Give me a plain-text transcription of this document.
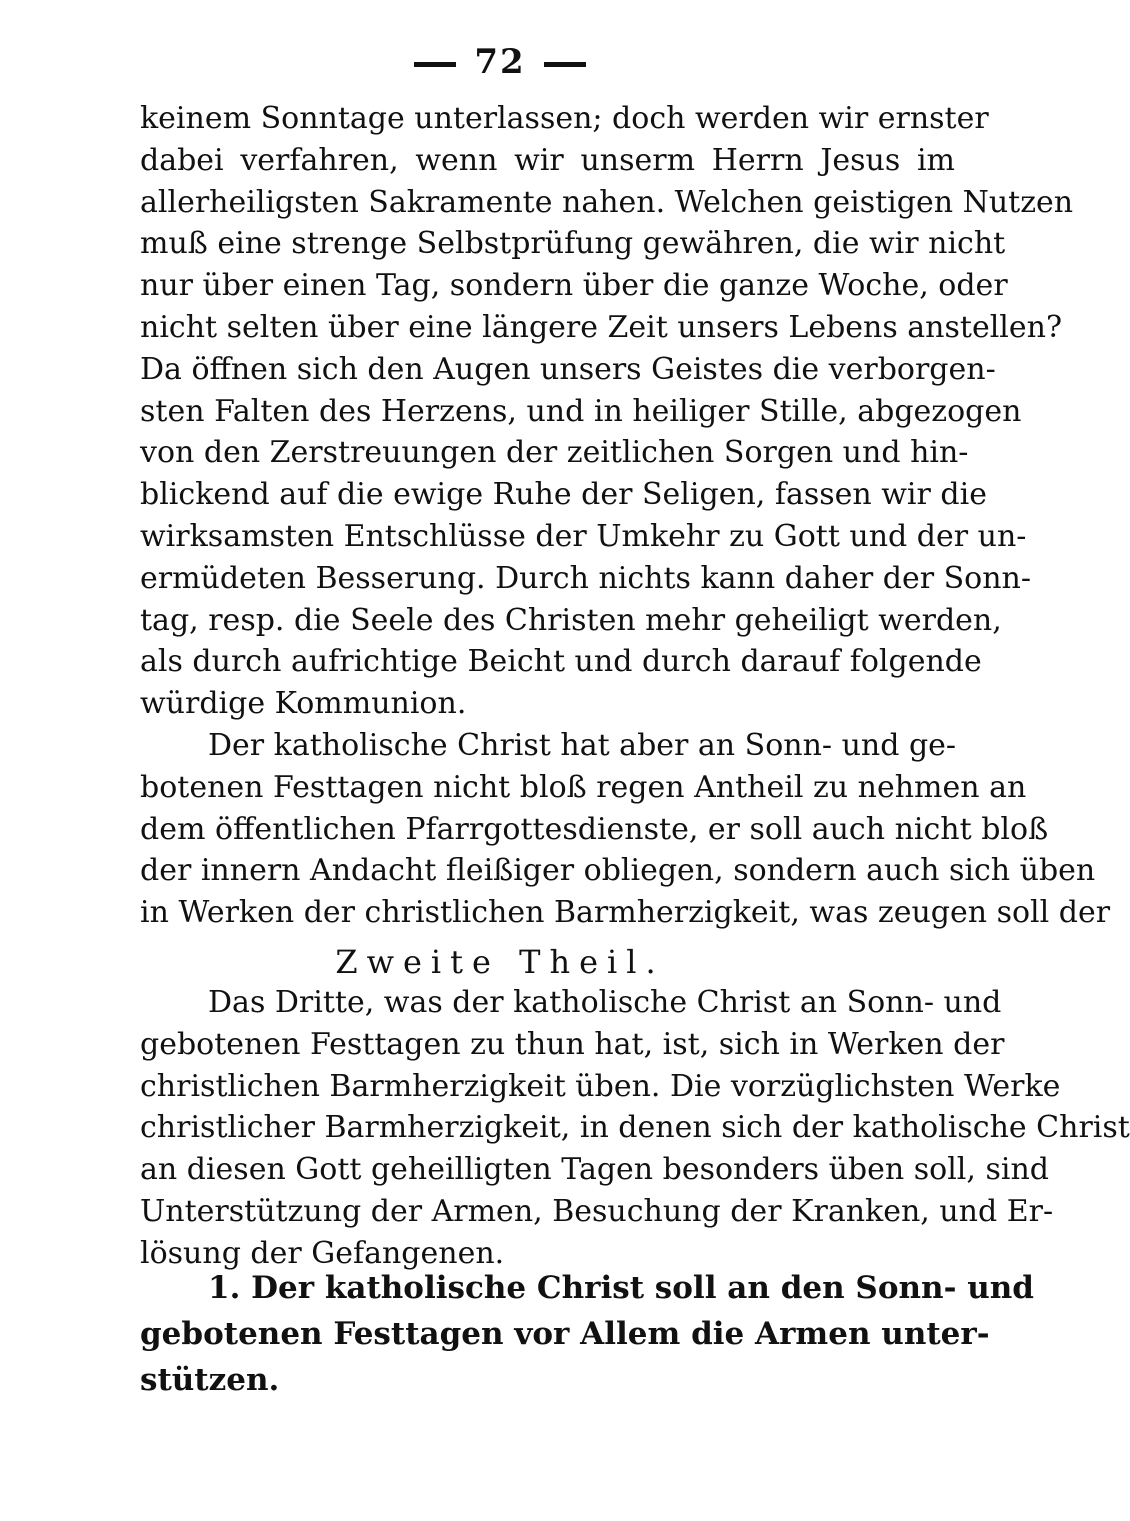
72
keinem Sonntage unterlassen; doch werden wir ernster
dabei verfahren, wenn wir unserm Herrn Jesus im
allerheiligsten Sakramente nahen. Welchen geistigen Nutzen
muß eine strenge Selbstprüfung gewähren, die wir nicht
nur über einen Tag, sondern über die ganze Woche, oder
nicht selten über eine längere Zeit unsers Lebens anstellen?
Da öffnen sich den Augen unsers Geistes die verborgen-
sten Falten des Herzens, und in heiliger Stille, abgezogen
von den Zerstreuungen der zeitlichen Sorgen und hin-
blickend auf die ewige Ruhe der Seligen, fassen wir die
wirksamsten Entschlüsse der Umkehr zu Gott und der un-
ermüdeten Besserung. Durch nichts kann daher der Sonn-
tag, resp. die Seele des Christen mehr geheiligt werden,
als durch aufrichtige Beicht und durch darauf folgende
würdige Kommunion.
Der katholische Christ hat aber an Sonn- und ge-
botenen Festtagen nicht bloß regen Antheil zu nehmen an
dem öffentlichen Pfarrgottesdienste, er soll auch nicht bloß
der innern Andacht fleißiger obliegen, sondern auch sich üben
in Werken der christlichen Barmherzigkeit, was zeugen soll der
Zweite Theil.
Das Dritte, was der katholische Christ an Sonn- und
gebotenen Festtagen zu thun hat, ist, sich in Werken der
christlichen Barmherzigkeit üben. Die vorzüglichsten Werke
christlicher Barmherzigkeit, in denen sich der katholische Christ
an diesen Gott geheilligten Tagen besonders üben soll, sind
Unterstützung der Armen, Besuchung der Kranken, und Er-
lösung der Gefangenen.
1. Der katholische Christ soll an den Sonn- und
gebotenen Festtagen vor Allem die Armen unter-
stützen.
